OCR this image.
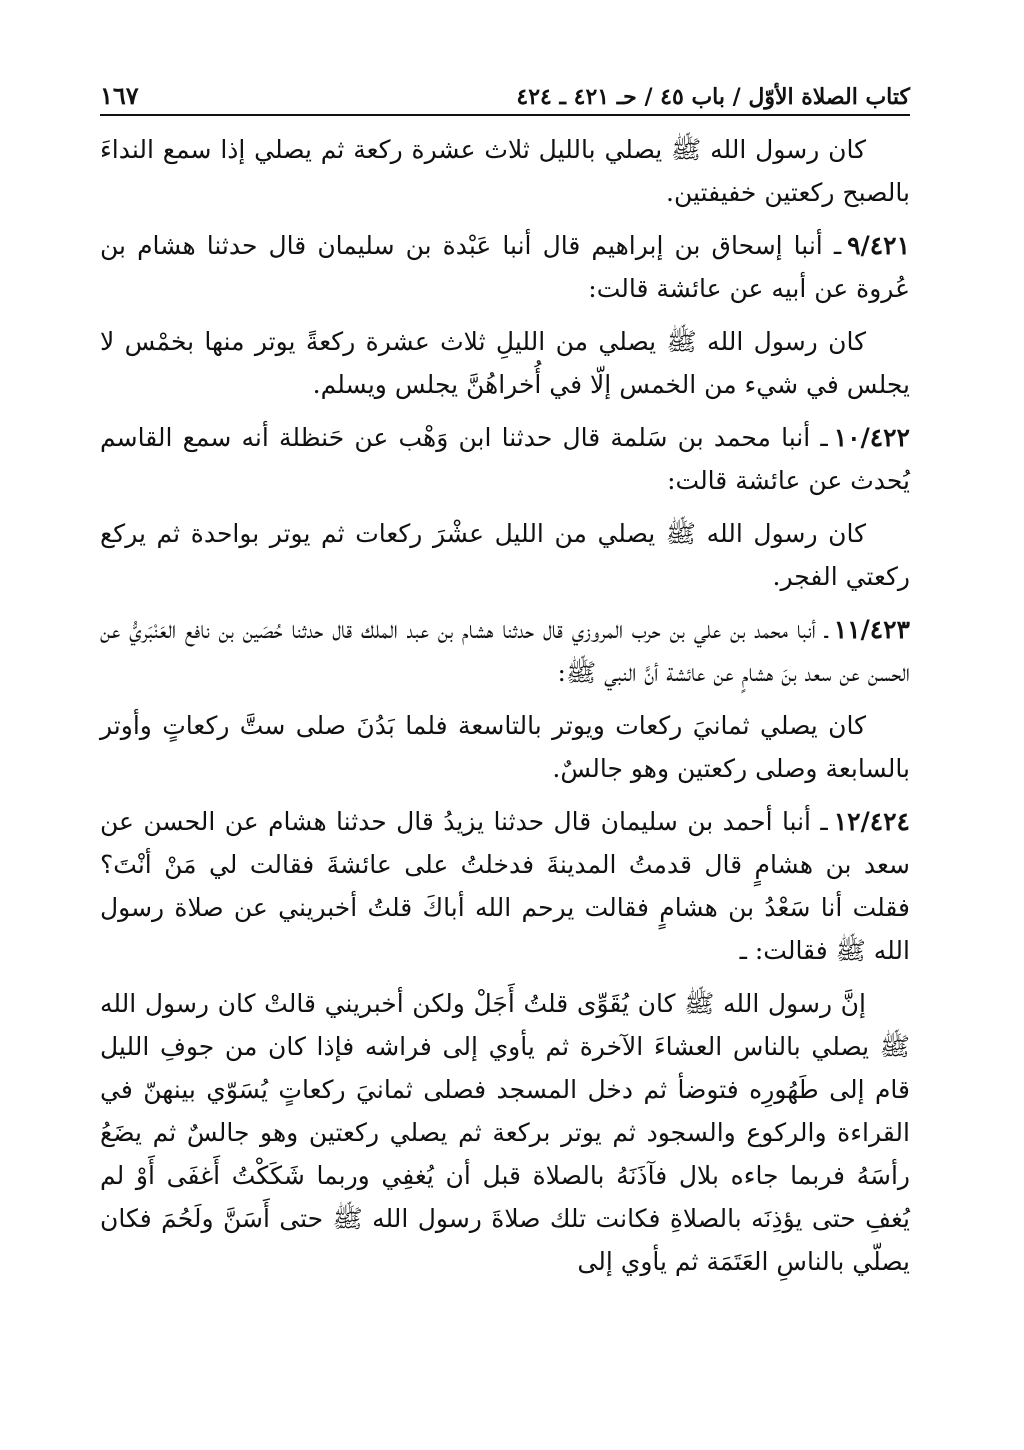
كتاب الصلاة الأوّل / باب ٤٥ / حـ ٤٢١ ـ ٤٢٤
١٦٧

كان رسول الله ﷺ يصلي بالليل ثلاث عشرة ركعة ثم يصلي إذا سمع النداءَ بالصبح ركعتين خفيفتين.

٩/٤٢١ـ أنبا إسحاق بن إبراهيم قال أنبا عَبْدة بن سليمان قال حدثنا هشام بن عُروة عن أبيه عن عائشة قالت:

كان رسول الله ﷺ يصلي من الليلِ ثلاث عشرة ركعةً يوتر منها بخمْس لا يجلس في شيء من الخمس إلّا في أُخراهُنَّ يجلس ويسلم.

١٠/٤٢٢ـ أنبا محمد بن سَلمة قال حدثنا ابن وَهْب عن حَنظلة أنه سمع القاسم يُحدث عن عائشة قالت:

كان رسول الله ﷺ يصلي من الليل عشْرَ ركعات ثم يوتر بواحدة ثم يركع ركعتي الفجر.

١١/٤٢٣ـ أنبا محمد بن علي بن حرب المروزي قال حدثنا هشام بن عبد الملك قال حدثنا حُصَين بن نافع العَنْبَريُّ عن الحسن عن سعد بنَ هشامٍ عن عائشة أنَّ النبي ﷺ:

كان يصلي ثمانيَ ركعات ويوتر بالتاسعة فلما بَدُنَ صلى ستَّ ركعاتٍ وأوتر بالسابعة وصلى ركعتين وهو جالسٌ.

١٢/٤٢٤ـ أنبا أحمد بن سليمان قال حدثنا يزيدُ قال حدثنا هشام عن الحسن عن سعد بن هشامٍ قال قدمتُ المدينةَ فدخلتُ على عائشةَ فقالت لي مَنْ أنْتَ؟ فقلت أنا سَعْدُ بن هشامٍ فقالت يرحم الله أباكَ قلتُ أخبريني عن صلاة رسول الله ﷺ فقالت: ـ

إنَّ رسول الله ﷺ كان يُقَوِّى قلتُ أَجَلْ ولكن أخبريني قالتْ كان رسول الله ﷺ يصلي بالناس العشاءَ الآخرة ثم يأوي إلى فراشه فإذا كان من جوفِ الليل قام إلى طَهُورِه فتوضأ ثم دخل المسجد فصلى ثمانيَ ركعاتٍ يُسَوّي بينهنّ في القراءة والركوع والسجود ثم يوتر بركعة ثم يصلي ركعتين وهو جالسٌ ثم يضَعُ رأسَهُ فربما جاءه بلال فآذَنَهُ بالصلاة قبل أن يُغفِي وربما شَكَكْتُ أَغفَى أَوْ لم يُغفِ حتى يؤذِنَه بالصلاةِ فكانت تلك صلاةَ رسول الله ﷺ حتى أَسَنَّ ولَحُمَ فكان يصلّي بالناسِ العَتَمَة ثم يأوي إلى
